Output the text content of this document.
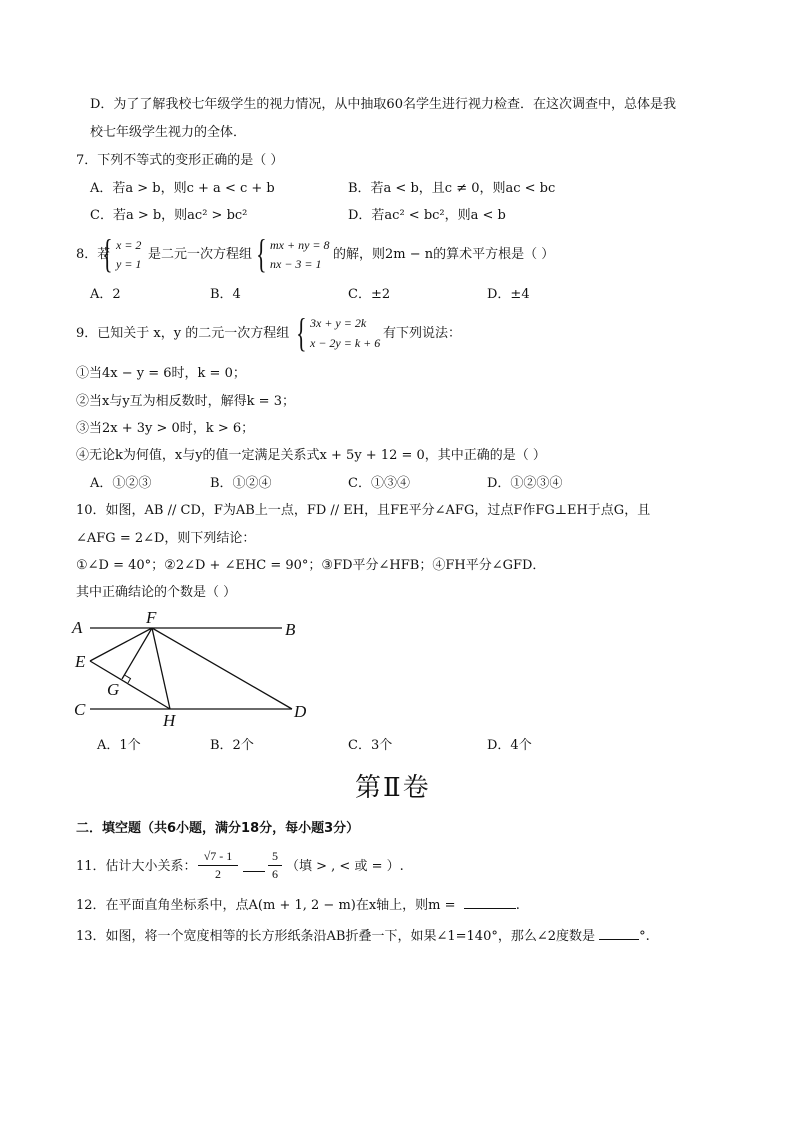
D．为了了解我校七年级学生的视力情况，从中抽取60名学生进行视力检查．在这次调查中，总体是我
校七年级学生视力的全体．
7．下列不等式的变形正确的是（ ）
A．若a > b，则c + a < c + b	B．若a < b，且c ≠ 0，则ac < bc
C．若a > b，则ac² > bc²	D．若ac² < bc²，则a < b
8．若
{ x = 2
y = 1
是二元一次方程组 { mx + ny = 8
nx − 3 = 1
的解，则2m − n的算术平方根是（ ）
A．2	B．4	C．±2	D．±4
9．已知关于 x，y 的二元一次方程组 { 3x + y = 2k
x − 2y = k + 6
有下列说法：
①当4x − y = 6时，k = 0；
②当x与y互为相反数时，解得k = 3；
③当2x + 3y > 0时，k > 6；
④无论k为何值，x与y的值一定满足关系式x + 5y + 12 = 0，其中正确的是（ ）
A．①②③	B．①②④	C．①③④	D．①②③④
10．如图，AB // CD，F为AB上一点，FD // EH，且FE平分∠AFG，过点F作FG⊥EH于点G，且
∠AFG = 2∠D，则下列结论：
①∠D = 40°；②2∠D + ∠EHC = 90°；③FD平分∠HFB；④FH平分∠GFD．
其中正确结论的个数是（ ）
A	B
F
E
G
C
H	D
A．1个	B．2个	C．3个	D．4个
第Ⅱ卷
二．填空题（共6小题，满分18分，每小题3分）
11．估计大小关系：
√7 - 1
2
5
6 （填 > , < 或 = ）.
12．在平面直角坐标系中，点A(m + 1, 2 − m)在x轴上，则m =	.
13．如图，将一个宽度相等的长方形纸条沿AB折叠一下，如果∠1=140°，那么∠2度数是	°.
